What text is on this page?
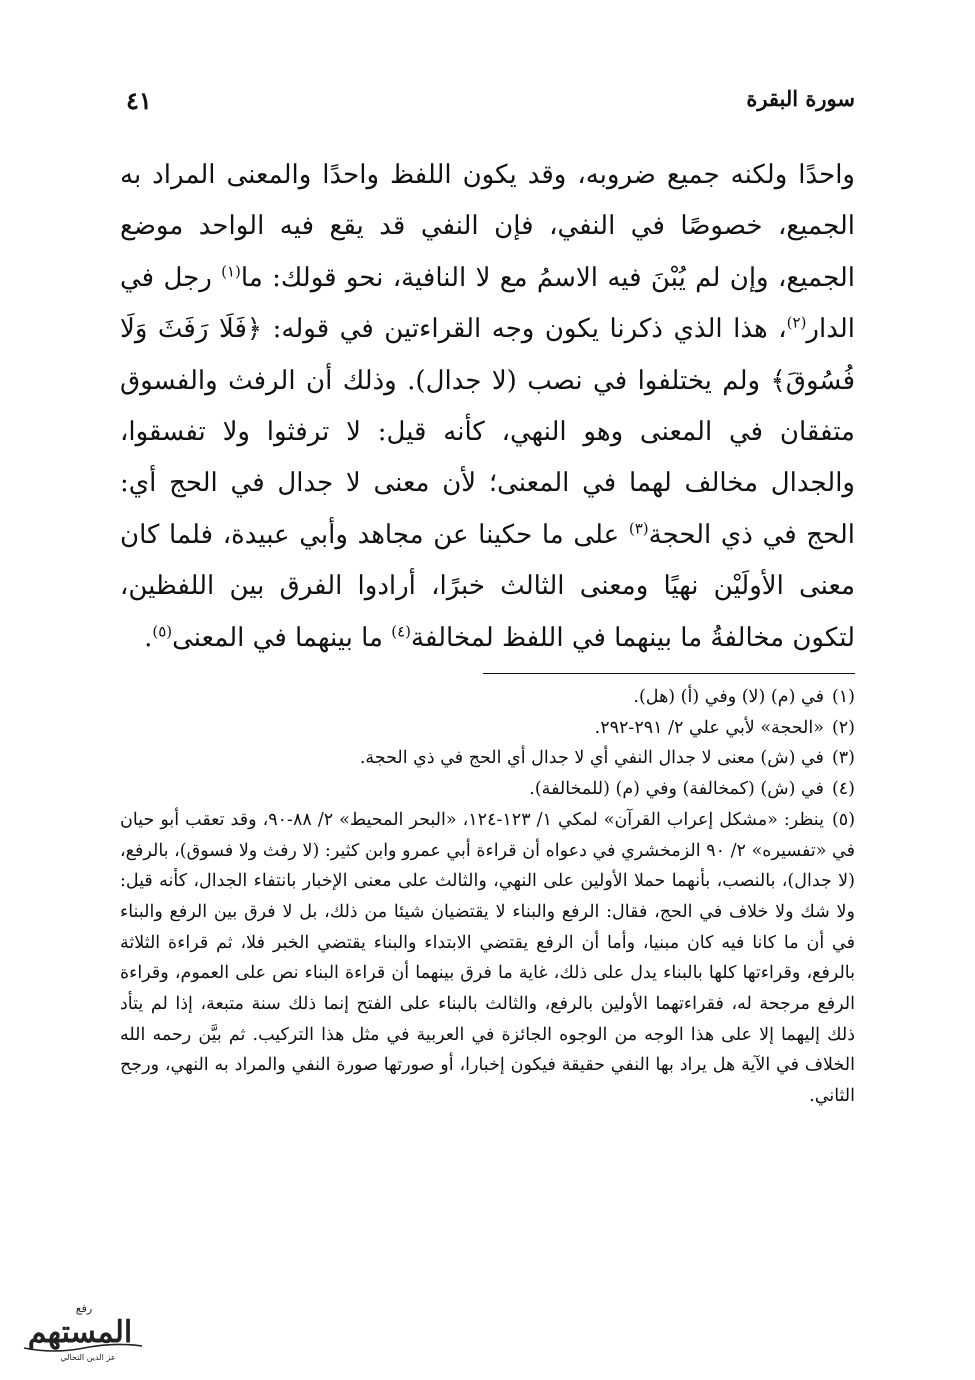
سورة البقرة
٤١

واحدًا ولكنه جميع ضروبه، وقد يكون اللفظ واحدًا والمعنى المراد به الجميع، خصوصًا في النفي، فإن النفي قد يقع فيه الواحد موضع الجميع، وإن لم يُبْنَ فيه الاسمُ مع لا النافية، نحو قولك: ما$^{(١)}$ رجل في الدار$^{(٢)}$، هذا الذي ذكرنا يكون وجه القراءتين في قوله: ﴿فَلَا رَفَثَ وَلَا فُسُوقَ﴾ ولم يختلفوا في نصب (لا جدال). وذلك أن الرفث والفسوق متفقان في المعنى وهو النهي، كأنه قيل: لا ترفثوا ولا تفسقوا، والجدال مخالف لهما في المعنى؛ لأن معنى لا جدال في الحج أي: الحج في ذي الحجة$^{(٣)}$ على ما حكينا عن مجاهد وأبي عبيدة، فلما كان معنى الأولَيْن نهيًا ومعنى الثالث خبرًا، أرادوا الفرق بين اللفظين، لتكون مخالفةُ ما بينهما في اللفظ لمخالفة$^{(٤)}$ ما بينهما في المعنى$^{(٥)}$.

(١)في (م) (لا) وفي (أ) (هل).

(٢)«الحجة» لأبي علي ٢/ ٢٩١-٢٩٢.

(٣)في (ش) معنى لا جدال النفي أي لا جدال أي الحج في ذي الحجة.

(٤)في (ش) (كمخالفة) وفي (م) (للمخالفة).

(٥)ينظر: «مشكل إعراب القرآن» لمكي ١/ ١٢٣-١٢٤، «البحر المحيط» ٢/ ٨٨-٩٠، وقد تعقب أبو حيان في «تفسيره» ٢/ ٩٠ الزمخشري في دعواه أن قراءة أبي عمرو وابن كثير: (لا رفث ولا فسوق)، بالرفع، (لا جدال)، بالنصب، بأنهما حملا الأولين على النهي، والثالث على معنى الإخبار بانتفاء الجدال، كأنه قيل: ولا شك ولا خلاف في الحج، فقال: الرفع والبناء لا يقتضيان شيئا من ذلك، بل لا فرق بين الرفع والبناء في أن ما كانا فيه كان مبنيا، وأما أن الرفع يقتضي الابتداء والبناء يقتضي الخبر فلا، ثم قراءة الثلاثة بالرفع، وقراءتها كلها بالبناء يدل على ذلك، غاية ما فرق بينهما أن قراءة البناء نص على العموم، وقراءة الرفع مرجحة له، فقراءتهما الأولين بالرفع، والثالث بالبناء على الفتح إنما ذلك سنة متبعة، إذا لم يتأد ذلك إليهما إلا على هذا الوجه من الوجوه الجائزة في العربية في مثل هذا التركيب. ثم بيَّن رحمه الله الخلاف في الآية هل يراد بها النفي حقيقة فيكون إخبارا، أو صورتها صورة النفي والمراد به النهي، ورجح الثاني.

رفع
المستهم
عز الدين التحالي
